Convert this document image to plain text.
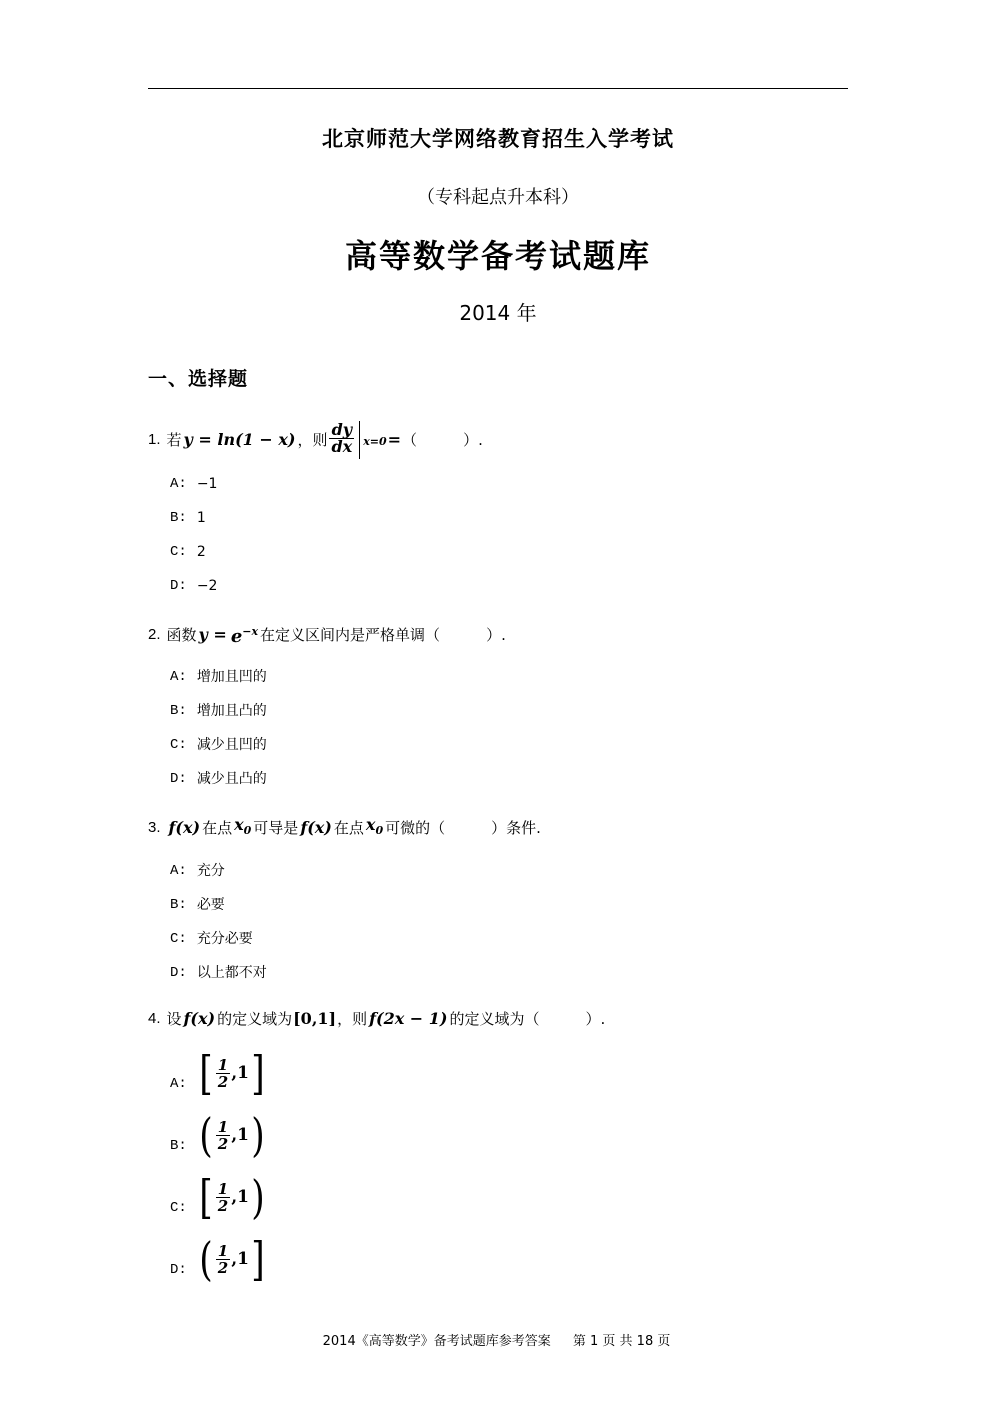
北京师范大学网络教育招生入学考试
（专科起点升本科）
高等数学备考试题库
2014 年
一、选择题
1. 若 y = ln(1 − x) ，则 $\frac{dy}{dx} x=0$ = （	）.
A: −1
B: 1
C: 2
D: −2
2. 函数 $y = e^{-x}$ 在定义区间内是严格单调（	）.
A: 增加且凹的
B: 增加且凸的
C: 减少且凹的
D: 减少且凸的
3. f(x) 在点 $x_0$ 可导是 f(x) 在点 $x_0$ 可微的（	）条件.
A: 充分
B: 必要
C: 充分必要
D: 以上都不对
4. 设 f(x) 的定义域为 [0,1] ，则 f(2x − 1) 的定义域为（	）.
A: [ $\frac{1}{2}$ , 1 ]
B: ( $\frac{1}{2}$ , 1 )
C: [ $\frac{1}{2}$ , 1 )
D: ( $\frac{1}{2}$ , 1 ]
2014《高等数学》备考试题库参考答案 第 1 页 共 18 页
